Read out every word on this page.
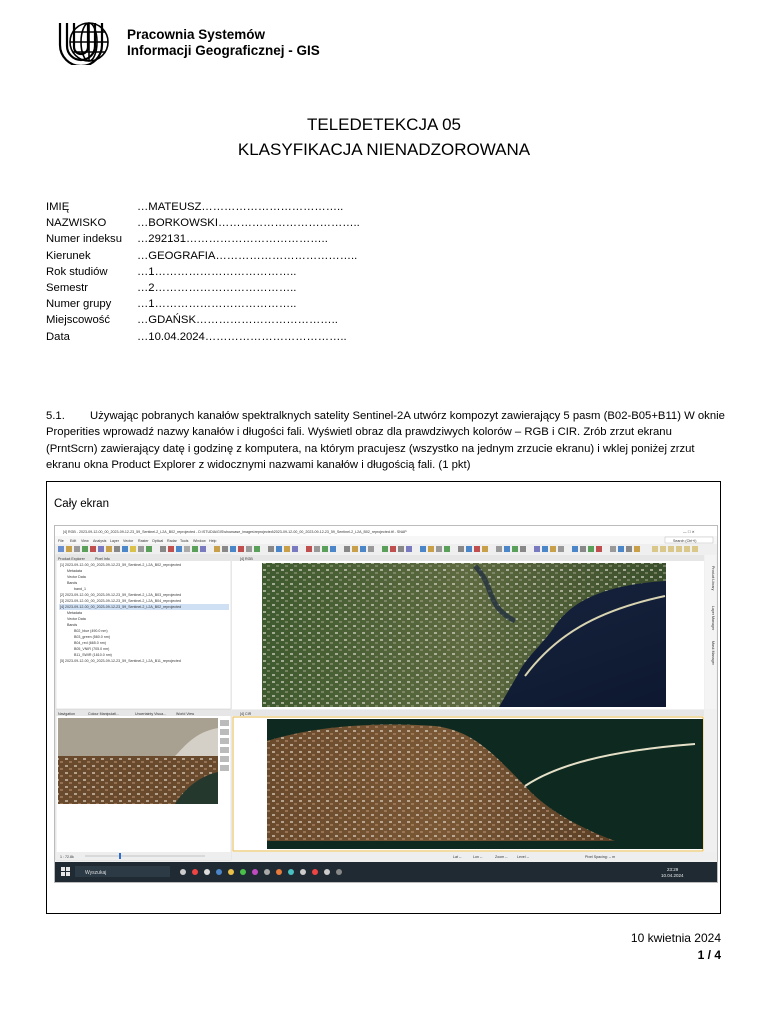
Pracownia Systemów
Informacji Geograficznej - GIS
TELEDETEKCJA 05
KLASYFIKACJA NIENADZOROWANA
IMIĘ	…MATEUSZ………………………………..
NAZWISKO	…BORKOWSKI………………………………..
Numer indeksu	…292131………………………………..
Kierunek	…GEOGRAFIA………………………………..
Rok studiów	…1………………………………..
Semestr	…2………………………………..
Numer grupy	…1………………………………..
Miejscowość	…GDAŃSK………………………………..
Data	…10.04.2024………………………………..
5.1. Używając pobranych kanałów spektralknych satelity Sentinel-2A utwórz kompozyt zawierający 5 pasm (B02-B05+B11) W oknie Properities wprowadź nazwy kanałów i długości fali. Wyświetl obraz dla prawdziwych kolorów – RGB i CIR. Zrób zrzut ekranu (PrntScrn) zawierający datę i godzinę z komputera, na którym pracujesz (wszystko na jednym zrzucie ekranu) i wklej poniżej zrzut ekranu okna Product Explorer z widocznymi nazwami kanałów i długością fali. (1 pkt)
Cały ekran
[4] RGB - 2023-09-12-00_00_2023-09-12-23_59_Sentinel-2_L2A_B02_reprojected - D:\STUDIA\GIS\showcase_images\reprojected\2023-09-12-00_00_2023-09-12-23_59_Sentinel-2_L2A_B02_reprojected.tif - SNAP	— ☐ ✕
File Edit View Analysis Layer Vector Raster Optical Radar Tools Window Help	Search (Ctrl+I)
Product Explorer	Pixel Info
[1] 2023-09-12-00_00_2023-09-12-23_59_Sentinel-2_L2A_B02_reprojected
Metadata
Vector Data
Bands
band_1
[2] 2023-09-12-00_00_2023-09-12-23_59_Sentinel-2_L2A_B03_reprojected
[3] 2023-09-12-00_00_2023-09-12-23_59_Sentinel-2_L2A_B04_reprojected
[4] 2023-09-12-00_00_2023-09-12-23_59_Sentinel-2_L2A_B02_reprojected
Metadata
Vector Data
Bands
B02_blue (490.0 nm)
B03_green (560.0 nm)
B04_red (665.0 nm)
B05_VNIR (705.0 nm)
B11_SWIR (1610.0 nm)
[5] 2023-09-12-00_00_2023-09-12-23_59_Sentinel-2_L2A_B11_reprojected
[4] RGB
Product Library
Layer Manager
Mask Manager
Navigation	Colour Manipulati...	Uncertainty Visua...	World View
1 : 72.8k
[4] CIR
Lat --	Lon --	Zoom --	Level --	Pixel Spacing: -- m
Wyszukaj
23:29
10.04.2024
10 kwietnia 2024
1 / 4
